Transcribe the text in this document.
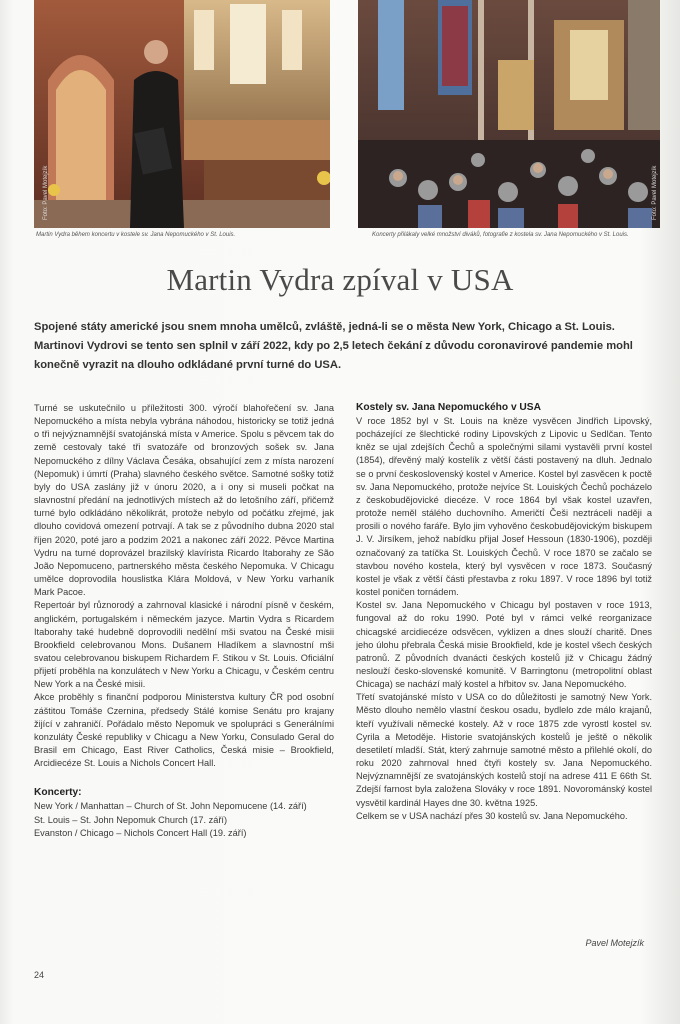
Foto: Pavel Motejzík
Martin Vydra během koncertu v kostele sv. Jana Nepomuckého v St. Louis.
Foto: Pavel Motejzík
Koncerty přilákaly velké množství diváků, fotografie z kostela sv. Jana Nepomuckého v St. Louis.
Martin Vydra zpíval v USA
Spojené státy americké jsou snem mnoha umělců, zvláště, jedná-li se o města New York, Chicago a St. Louis. Martinovi Vydrovi se tento sen splnil v září 2022, kdy po 2,5 letech čekání z důvodu coronavirové pandemie mohl konečně vyrazit na dlouho odkládané první turné do USA.

Turné se uskutečnilo u příležitosti 300. výročí blahořečení sv. Jana Nepomuckého a místa nebyla vybrána náhodou, historicky se totiž jedná o tři nejvýznamnější svatojánská místa v Americe. Spolu s pěvcem tak do země cestovaly také tři svatozáře od bronzových sošek sv. Jana Nepomuckého z dílny Václava Česáka, obsahující zem z místa narození (Nepomuk) i úmrtí (Praha) slavného českého světce. Samotné sošky totiž byly do USA zaslány již v únoru 2020, a i ony si museli počkat na slavnostní předání na jednotlivých místech až do letošního září, přičemž turné bylo odkládáno několikrát, protože nebylo od počátku zřejmé, jak dlouho covidová omezení potrvají. A tak se z původního dubna 2020 stal říjen 2020, poté jaro a podzim 2021 a nakonec září 2022. Pěvce Martina Vydru na turné doprovázel brazilský klavírista Ricardo Itaborahy ze São João Nepomuceno, partnerského města českého Nepomuka. V Chicagu umělce doprovodila houslistka Klára Moldová, v New Yorku varhaník Mark Pacoe.

Repertoár byl různorodý a zahrnoval klasické i národní písně v českém, anglickém, portugalském i německém jazyce. Martin Vydra s Ricardem Itaborahy také hudebně doprovodili nedělní mši svatou na České misii Brookfield celebrovanou Mons. Dušanem Hladíkem a slavnostní mši svatou celebrovanou biskupem Richardem F. Stikou v St. Louis. Oficiální přijetí proběhla na konzulátech v New Yorku a Chicagu, v Českém centru New York a na České misii.

Akce proběhly s finanční podporou Ministerstva kultury ČR pod osobní záštitou Tomáše Czernina, předsedy Stálé komise Senátu pro krajany žijící v zahraničí. Pořádalo město Nepomuk ve spolupráci s Generálními konzuláty České republiky v Chicagu a New Yorku, Consulado Geral do Brasil em Chicago, East River Catholics, Česká misie – Brookfield, Arcidiecéze St. Louis a Nichols Concert Hall.

Koncerty:

New York / Manhattan – Church of St. John Nepomucene (14. září)
St. Louis – St. John Nepomuk Church (17. září)
Evanston / Chicago – Nichols Concert Hall (19. září)

Kostely sv. Jana Nepomuckého v USA

V roce 1852 byl v St. Louis na kněze vysvěcen Jindřich Lipovský, pocházející ze šlechtické rodiny Lipovských z Lipovic u Sedlčan. Tento kněz se ujal zdejších Čechů a společnými silami vystavěli první kostel (1854), dřevěný malý kostelík z větší části postavený na dluh. Jednalo se o první československý kostel v Americe. Kostel byl zasvěcen k poctě sv. Jana Nepomuckého, protože nejvíce St. Louiských Čechů pocházelo z českobudějovické diecéze. V roce 1864 byl však kostel uzavřen, protože neměl stálého duchovního. Američtí Češi neztráceli naději a prosili o nového faráře. Bylo jim vyhověno českobudějovickým biskupem J. V. Jirsíkem, jehož nabídku přijal Josef Hessoun (1830-1906), později označovaný za tatíčka St. Louiských Čechů. V roce 1870 se začalo se stavbou nového kostela, který byl vysvěcen v roce 1873. Současný kostel je však z větší části přestavba z roku 1897. V roce 1896 byl totiž kostel poničen tornádem.

Kostel sv. Jana Nepomuckého v Chicagu byl postaven v roce 1913, fungoval až do roku 1990. Poté byl v rámci velké reorganizace chicagské arcidiecéze odsvěcen, vyklizen a dnes slouží charitě. Dnes jeho úlohu přebrala Česká misie Brookfield, kde je kostel všech českých patronů. Z původních dvanácti českých kostelů již v Chicagu žádný neslouží česko-slovenské komunitě. V Barringtonu (metropolitní oblast Chicaga) se nachází malý kostel a hřbitov sv. Jana Nepomuckého.

Třetí svatojánské místo v USA co do důležitosti je samotný New York. Město dlouho nemělo vlastní českou osadu, bydlelo zde málo krajanů, kteří využívali německé kostely. Až v roce 1875 zde vyrostl kostel sv. Cyrila a Metoděje. Historie svatojánských kostelů je ještě o několik desetiletí mladší. Stát, který zahrnuje samotné město a přilehlé okolí, do roku 2020 zahrnoval hned čtyři kostely sv. Jana Nepomuckého. Nejvýznamnější ze svatojánských kostelů stojí na adrese 411 E 66th St. Zdejší farnost byla založena Slováky v roce 1891. Novorománský kostel vysvětil kardinál Hayes dne 30. května 1925.

Celkem se v USA nachází přes 30 kostelů sv. Jana Nepomuckého.

Pavel Motejzík
24
